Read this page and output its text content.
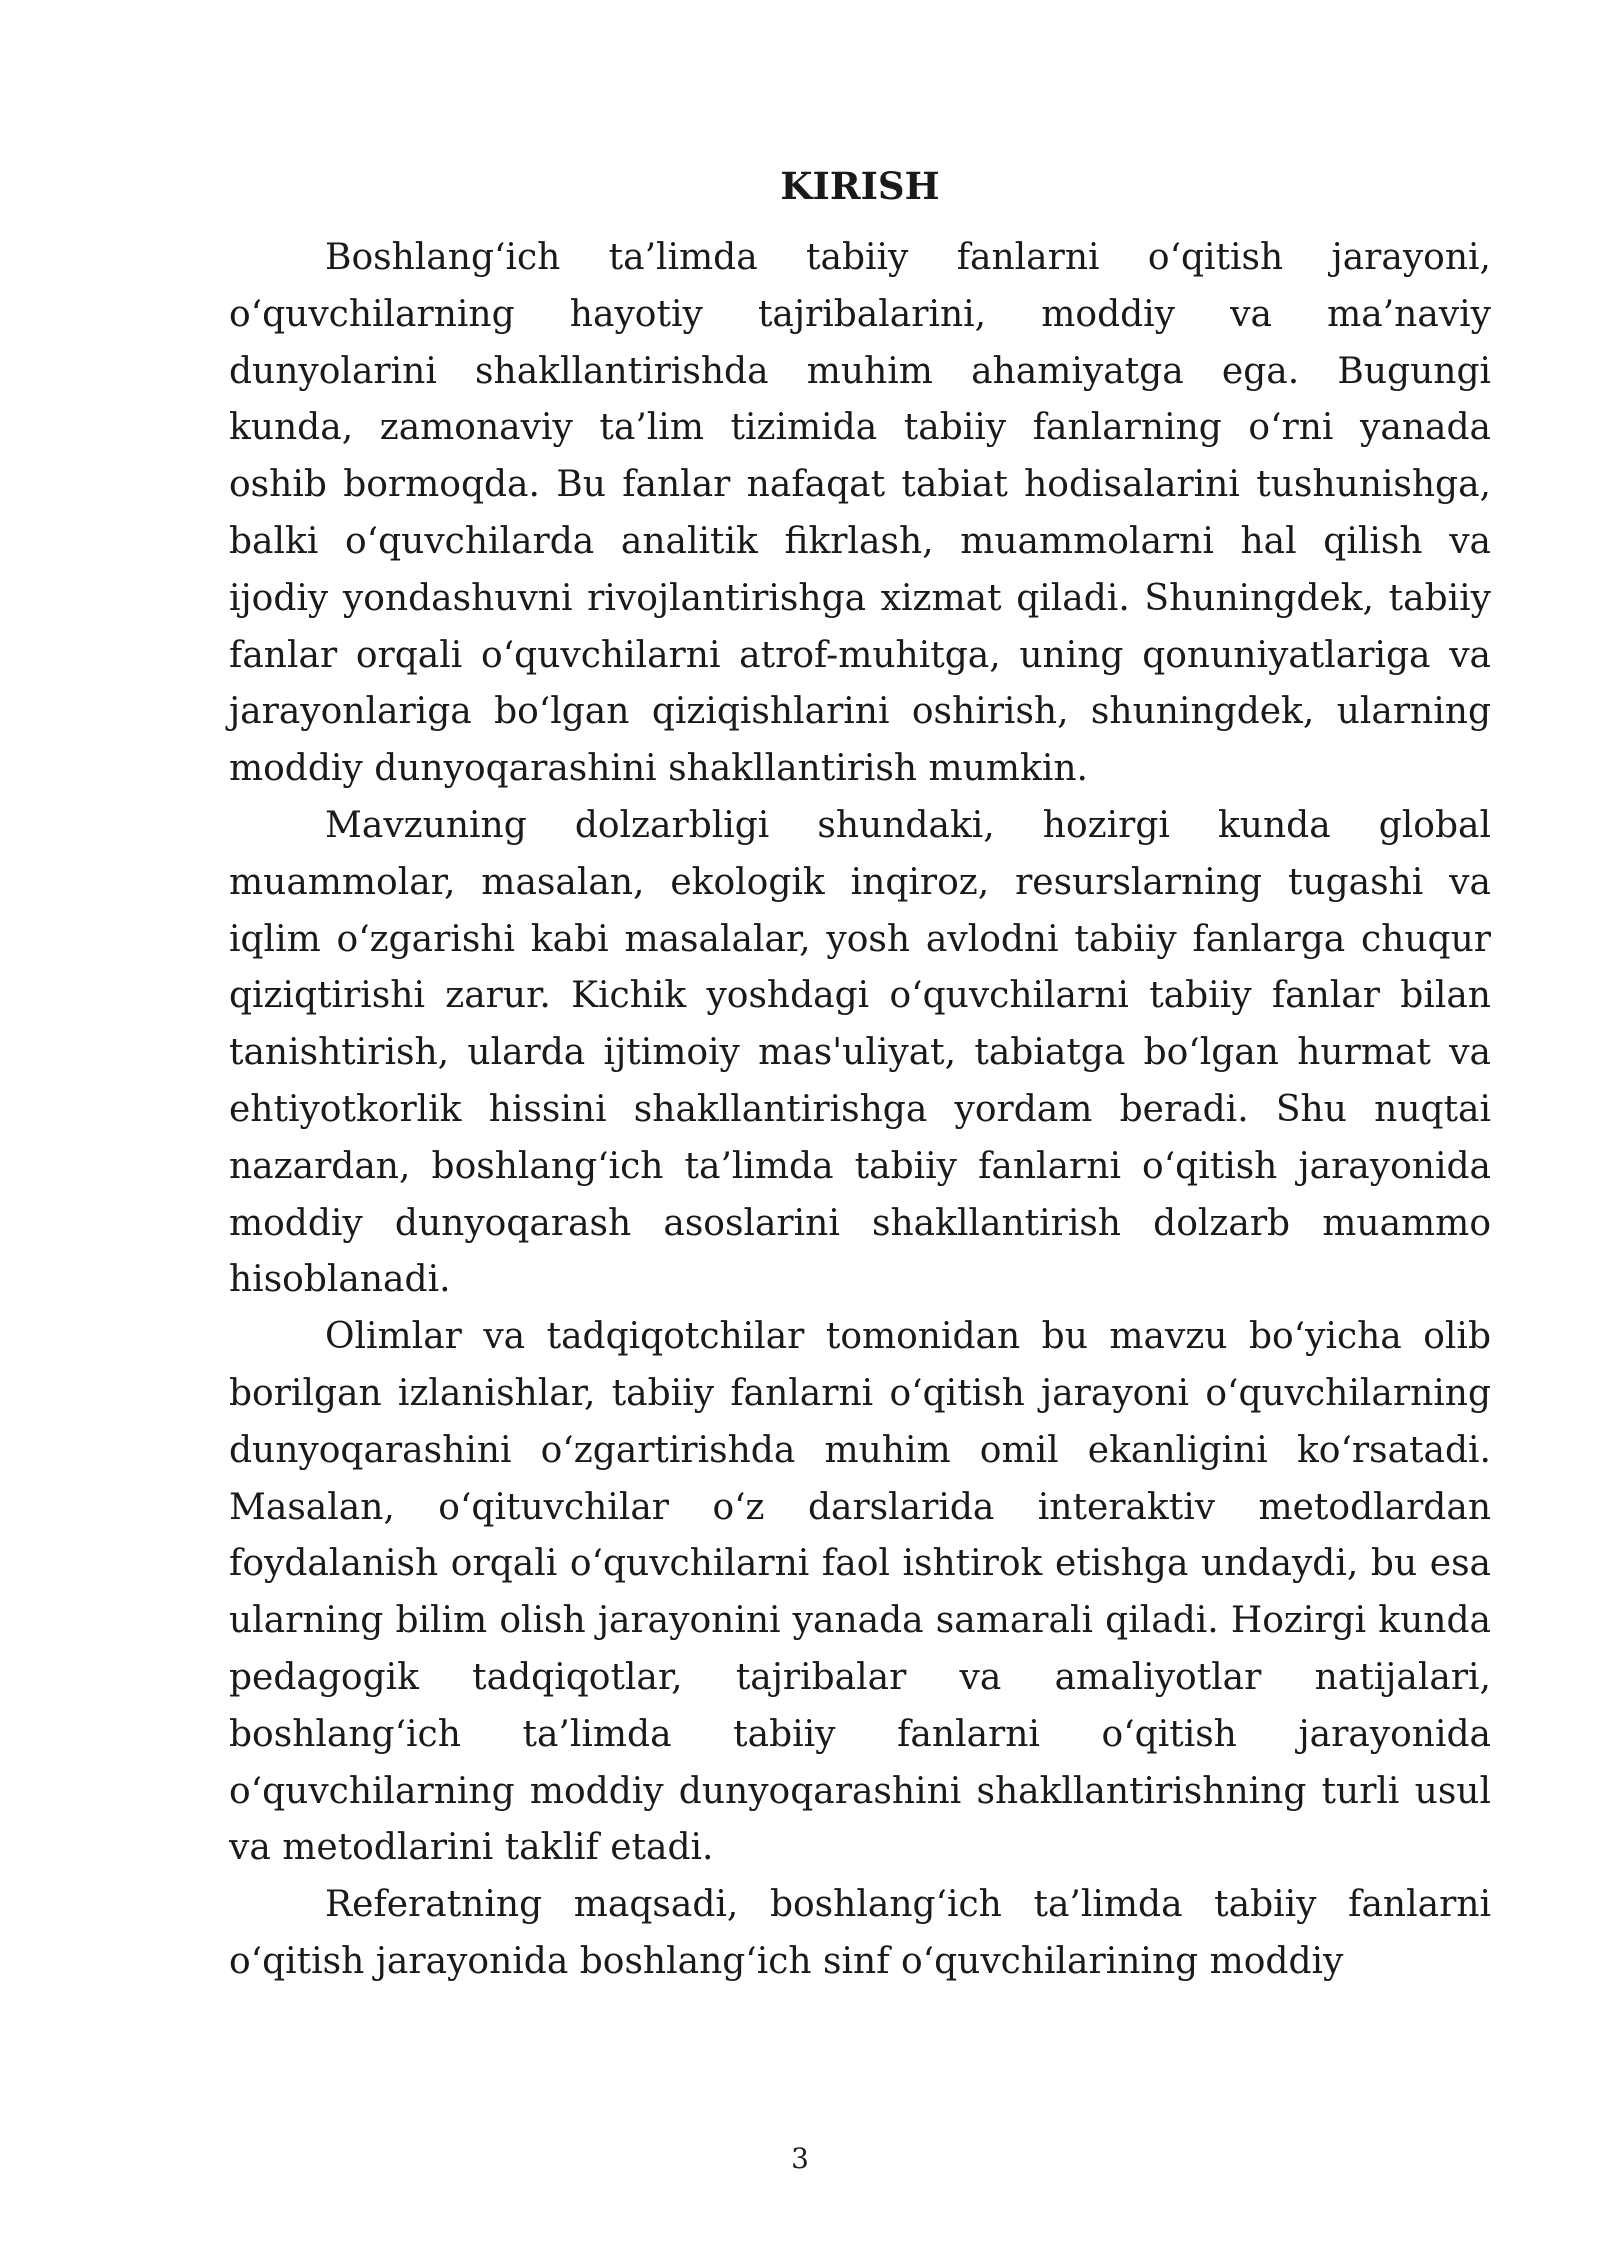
KIRISH

Boshlang‘ich ta’limda tabiiy fanlarni o‘qitish jarayoni, o‘quvchilarning hayotiy tajribalarini, moddiy va ma’naviy dunyolarini shakllantirishda muhim ahamiyatga ega. Bugungi kunda, zamonaviy ta’lim tizimida tabiiy fanlarning o‘rni yanada oshib bormoqda. Bu fanlar nafaqat tabiat hodisalarini tushunishga, balki o‘quvchilarda analitik fikrlash, muammolarni hal qilish va ijodiy yondashuvni rivojlantirishga xizmat qiladi. Shuningdek, tabiiy fanlar orqali o‘quvchilarni atrof-muhitga, uning qonuniyatlariga va jarayonlariga bo‘lgan qiziqishlarini oshirish, shuningdek, ularning moddiy dunyoqarashini shakllantirish mumkin.

Mavzuning dolzarbligi shundaki, hozirgi kunda global muammolar, masalan, ekologik inqiroz, resurslarning tugashi va iqlim o‘zgarishi kabi masalalar, yosh avlodni tabiiy fanlarga chuqur qiziqtirishi zarur. Kichik yoshdagi o‘quvchilarni tabiiy fanlar bilan tanishtirish, ularda ijtimoiy mas'uliyat, tabiatga bo‘lgan hurmat va ehtiyotkorlik hissini shakllantirishga yordam beradi. Shu nuqtai nazardan, boshlang‘ich ta’limda tabiiy fanlarni o‘qitish jarayonida moddiy dunyoqarash asoslarini shakllantirish dolzarb muammo hisoblanadi.

Olimlar va tadqiqotchilar tomonidan bu mavzu bo‘yicha olib borilgan izlanishlar, tabiiy fanlarni o‘qitish jarayoni o‘quvchilarning dunyoqarashini o‘zgartirishda muhim omil ekanligini ko‘rsatadi. Masalan, o‘qituvchilar o‘z darslarida interaktiv metodlardan foydalanish orqali o‘quvchilarni faol ishtirok etishga undaydi, bu esa ularning bilim olish jarayonini yanada samarali qiladi. Hozirgi kunda pedagogik tadqiqotlar, tajribalar va amaliyotlar natijalari, boshlang‘ich ta’limda tabiiy fanlarni o‘qitish jarayonida o‘quvchilarning moddiy dunyoqarashini shakllantirishning turli usul va metodlarini taklif etadi.

Referatning maqsadi, boshlang‘ich ta’limda tabiiy fanlarni o‘qitish jarayonida boshlang‘ich sinf o‘quvchilarining moddiy

3
